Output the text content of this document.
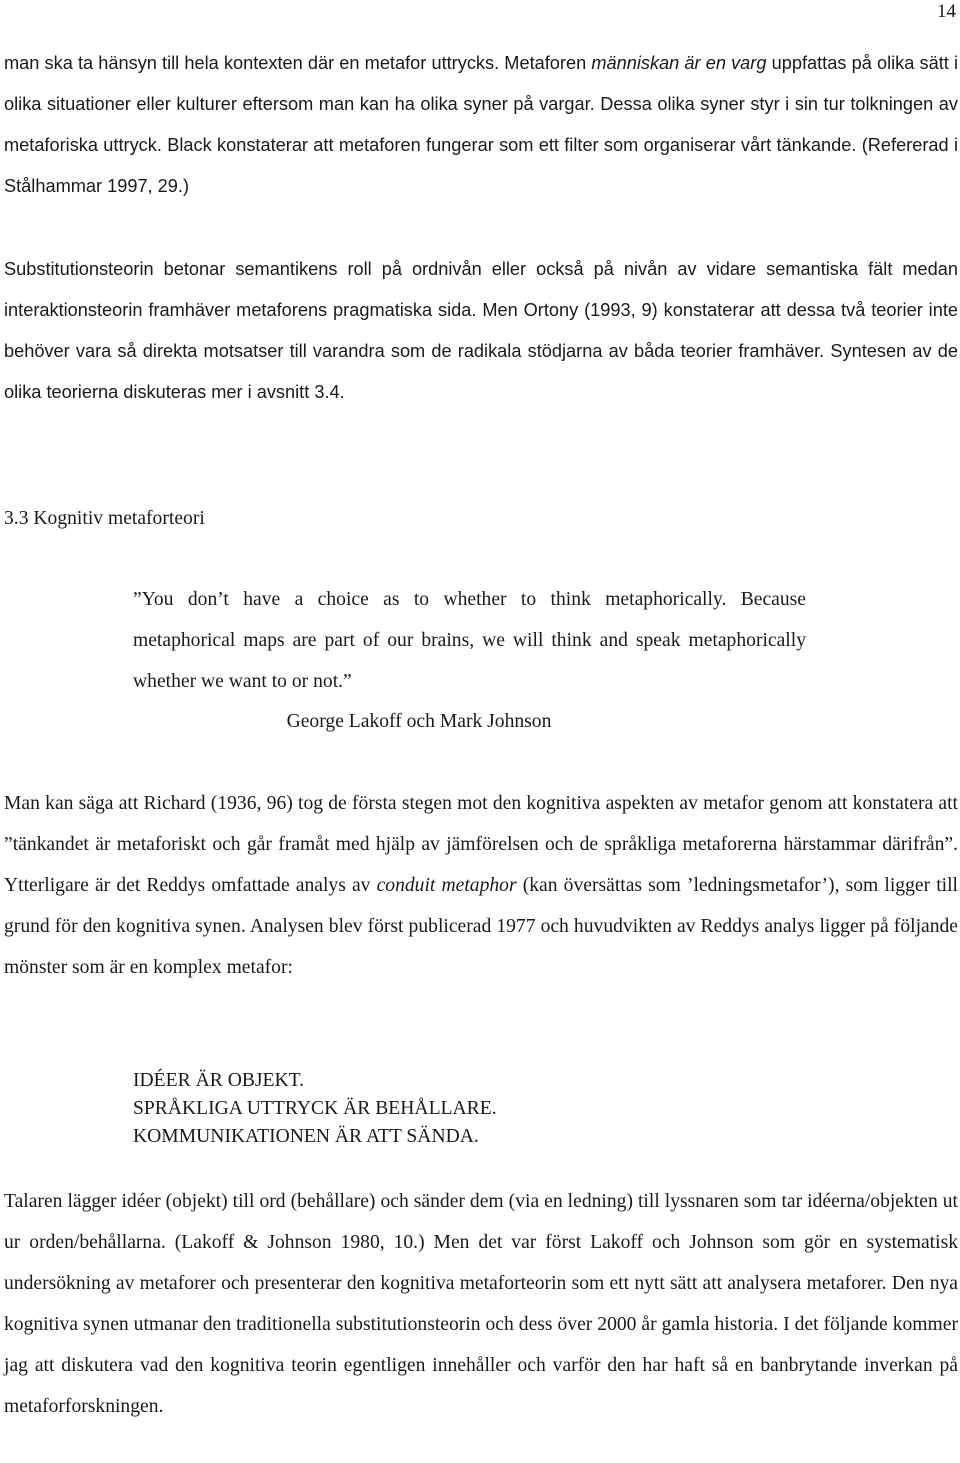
14

man ska ta hänsyn till hela kontexten där en metafor uttrycks. Metaforen människan är en varg uppfattas på olika sätt i olika situationer eller kulturer eftersom man kan ha olika syner på vargar. Dessa olika syner styr i sin tur tolkningen av metaforiska uttryck. Black konstaterar att metaforen fungerar som ett filter som organiserar vårt tänkande. (Refererad i Stålhammar 1997, 29.)

Substitutionsteorin betonar semantikens roll på ordnivån eller också på nivån av vidare semantiska fält medan interaktionsteorin framhäver metaforens pragmatiska sida. Men Ortony (1993, 9) konstaterar att dessa två teorier inte behöver vara så direkta motsatser till varandra som de radikala stödjarna av båda teorier framhäver. Syntesen av de olika teorierna diskuteras mer i avsnitt 3.4.

3.3 Kognitiv metaforteori
”You don’t have a choice as to whether to think metaphorically. Because metaphorical maps are part of our brains, we will think and speak metaphorically whether we want to or not.”
George Lakoff och Mark Johnson

Man kan säga att Richard (1936, 96) tog de första stegen mot den kognitiva aspekten av metafor genom att konstatera att ”tänkandet är metaforiskt och går framåt med hjälp av jämförelsen och de språkliga metaforerna härstammar därifrån”. Ytterligare är det Reddys omfattade analys av conduit metaphor (kan översättas som ’ledningsmetafor’), som ligger till grund för den kognitiva synen. Analysen blev först publicerad 1977 och huvudvikten av Reddys analys ligger på följande mönster som är en komplex metafor:

IDÉER ÄR OBJEKT.
SPRÅKLIGA UTTRYCK ÄR BEHÅLLARE.
KOMMUNIKATIONEN ÄR ATT SÄNDA.

Talaren lägger idéer (objekt) till ord (behållare) och sänder dem (via en ledning) till lyssnaren som tar idéerna/objekten ut ur orden/behållarna. (Lakoff & Johnson 1980, 10.) Men det var först Lakoff och Johnson som gör en systematisk undersökning av metaforer och presenterar den kognitiva metaforteorin som ett nytt sätt att analysera metaforer. Den nya kognitiva synen utmanar den traditionella substitutionsteorin och dess över 2000 år gamla historia. I det följande kommer jag att diskutera vad den kognitiva teorin egentligen innehåller och varför den har haft så en banbrytande inverkan på metaforforskningen.
